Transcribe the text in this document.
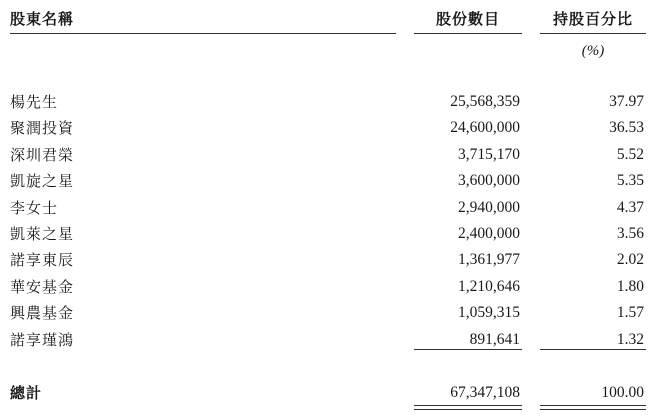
股東名稱	股份數目	持股百分比
(%)
楊先生	25,568,359	37.97
聚潤投資	24,600,000	36.53
深圳君榮	3,715,170	5.52
凱旋之星	3,600,000	5.35
李女士	2,940,000	4.37
凱萊之星	2,400,000	3.56
諾享東辰	1,361,977	2.02
華安基金	1,210,646	1.80
興農基金	1,059,315	1.57
諾享瑾鴻	891,641	1.32
總計	67,347,108	100.00
